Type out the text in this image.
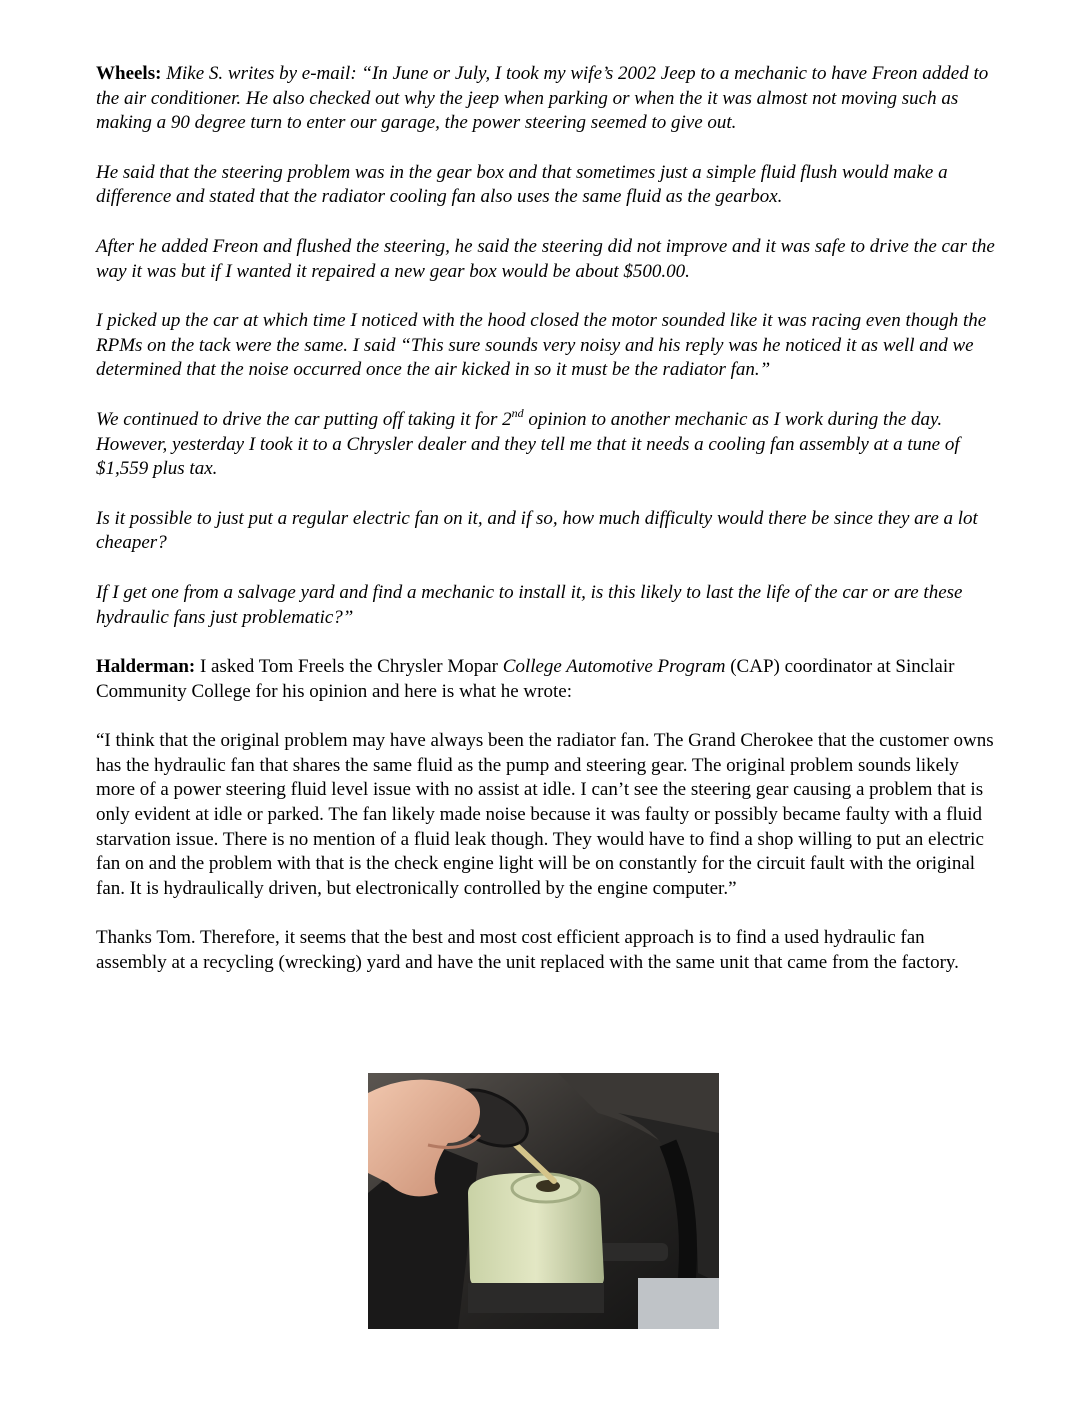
Wheels: Mike S. writes by e-mail: “In June or July, I took my wife’s 2002 Jeep to a mechanic to have Freon added to the air conditioner. He also checked out why the jeep when parking or when the it was almost not moving such as making a 90 degree turn to enter our garage, the power steering seemed to give out.

He said that the steering problem was in the gear box and that sometimes just a simple fluid flush would make a difference and stated that the radiator cooling fan also uses the same fluid as the gearbox.

After he added Freon and flushed the steering, he said the steering did not improve and it was safe to drive the car the way it was but if I wanted it repaired a new gear box would be about $500.00.

I picked up the car at which time I noticed with the hood closed the motor sounded like it was racing even though the RPMs on the tack were the same. I said “This sure sounds very noisy and his reply was he noticed it as well and we determined that the noise occurred once the air kicked in so it must be the radiator fan.”

We continued to drive the car putting off taking it for 2nd opinion to another mechanic as I work during the day. However, yesterday I took it to a Chrysler dealer and they tell me that it needs a cooling fan assembly at a tune of $1,559 plus tax.

Is it possible to just put a regular electric fan on it, and if so, how much difficulty would there be since they are a lot cheaper?

If I get one from a salvage yard and find a mechanic to install it, is this likely to last the life of the car or are these hydraulic fans just problematic?”

Halderman: I asked Tom Freels the Chrysler Mopar College Automotive Program (CAP) coordinator at Sinclair Community College for his opinion and here is what he wrote:

“I think that the original problem may have always been the radiator fan. The Grand Cherokee that the customer owns has the hydraulic fan that shares the same fluid as the pump and steering gear. The original problem sounds likely more of a power steering fluid level issue with no assist at idle. I can’t see the steering gear causing a problem that is only evident at idle or parked. The fan likely made noise because it was faulty or possibly became faulty with a fluid starvation issue. There is no mention of a fluid leak though. They would have to find a shop willing to put an electric fan on and the problem with that is the check engine light will be on constantly for the circuit fault with the original fan. It is hydraulically driven, but electronically controlled by the engine computer.”

Thanks Tom. Therefore, it seems that the best and most cost efficient approach is to find a used hydraulic fan assembly at a recycling (wrecking) yard and have the unit replaced with the same unit that came from the factory.
